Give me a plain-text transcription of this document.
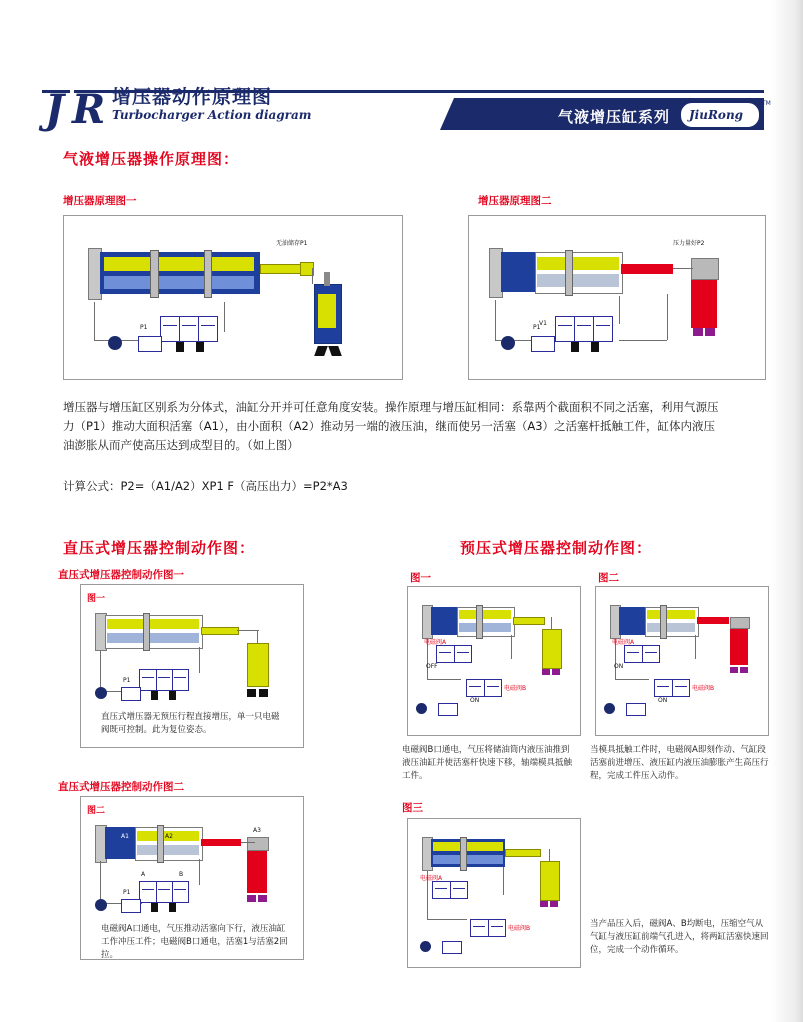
J R 增压器动作原理图
Turbocharger Action diagram	气液增压缸系列 JiuRong
TM
气液增压器操作原理图：
增压器原理图一	增压器原理图二
无油储存P1
P1
压力量好P2
V1
P1
增压器与增压缸区别系为分体式，油缸分开并可任意角度安装。操作原理与增压缸相同：系靠两个截面积不同之活塞，利用气源压力（P1）推动大面积活塞（A1），由小面积（A2）推动另一端的液压油，继而使另一活塞（A3）之活塞杆抵触工件，缸体内液压油澎胀从而产使高压达到成型目的。（如上图）
计算公式：P2=（A1/A2）XP1 F（高压出力）=P2*A3
直压式增压器控制动作图：
直压式增压器控制动作图一
图一
P1
直压式增压器无预压行程直接增压，单一只电磁阀既可控制。此为复位姿态。
直压式增压器控制动作图二
图二
A1	A2
A3
A	B
P1
电磁阀A口通电，气压推动活塞向下行，液压油缸工作冲压工件；电磁阀B口通电，活塞1与活塞2回拉。
预压式增压器控制动作图：
图一	图二
电磁阀A
OFF
ON
电磁阀B
电磁阀B口通电，气压将储油筒内液压油推到液压油缸并使活塞杆快速下移，轴端模具抵触工件。
电磁阀A
ON
ON
电磁阀B
当模具抵触工件时，电磁阀A即刻作动、气缸段活塞前进增压、液压缸内液压油膨胀产生高压行程，完成工件压入动作。
图三
电磁阀A
电磁阀B	当产品压入后，磁阀A、B均断电，压缩空气从气缸与液压缸前端气孔进入，将两缸活塞快速回位，完成一个动作循环。
